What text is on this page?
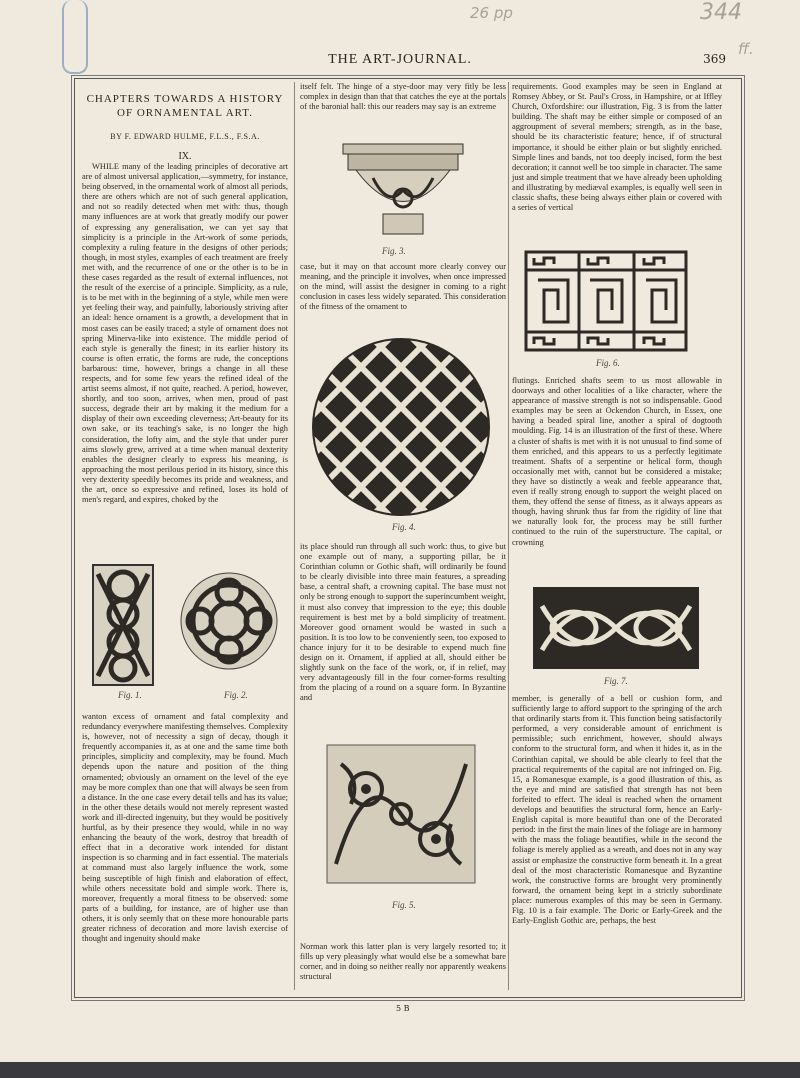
26 pp	344
ff.
THE ART-JOURNAL.	369
CHAPTERS TOWARDS A HISTORY OF ORNAMENTAL ART.
BY F. EDWARD HULME, F.L.S., F.S.A.
IX.

WHILE many of the leading principles of decorative art are of almost universal application,—symmetry, for instance, being observed, in the ornamental work of almost all periods, there are others which are not of such general application, and not so readily detected when met with: thus, though many influences are at work that greatly modify our power of expressing any generalisation, we can yet say that simplicity is a principle in the Art-work of some periods, complexity a ruling feature in the designs of other periods; though, in most styles, examples of each treatment are freely met with, and the recurrence of one or the other is to be in these cases regarded as the result of external influences, not the result of the exercise of a principle. Simplicity, as a rule, is to be met with in the beginning of a style, while men were yet feeling their way, and painfully, laboriously striving after an ideal: hence ornament is a growth, a development that in most cases can be easily traced; a style of ornament does not spring Minerva-like into existence. The middle period of each style is generally the finest; in its earlier history its course is often erratic, the forms are rude, the conceptions barbarous: time, however, brings a change in all these respects, and for some few years the refined ideal of the artist seems almost, if not quite, reached. A period, however, shortly, and too soon, arrives, when men, proud of past success, degrade their art by making it the medium for a display of their own exceeding cleverness; Art-beauty for its own sake, or its teaching's sake, is no longer the high consideration, the lofty aim, and the style that under purer aims slowly grew, arrived at a time when manual dexterity enables the designer clearly to express his meaning, is approaching the most perilous period in its history, since this very dexterity speedily becomes its pride and weakness, and the art, once so expressive and refined, loses its hold of men's regard, and expires, choked by the

Fig. 1.	Fig. 2.

wanton excess of ornament and fatal complexity and redundancy everywhere manifesting themselves. Complexity is, however, not of necessity a sign of decay, though it frequently accompanies it, as at one and the same time both principles, simplicity and complexity, may be found. Much depends upon the nature and position of the thing ornamented; obviously an ornament on the level of the eye may be more complex than one that will always be seen from a distance. In the one case every detail tells and has its value; in the other these details would not merely represent wasted work and ill-directed ingenuity, but they would be positively hurtful, as by their presence they would, while in no way enhancing the beauty of the work, destroy that breadth of effect that in a decorative work intended for distant inspection is so charming and in fact essential. The materials at command must also largely influence the work, some being susceptible of high finish and elaboration of effect, while others necessitate bold and simple work. There is, moreover, frequently a moral fitness to be observed: some parts of a building, for instance, are of higher use than others, it is only seemly that on these more honourable parts greater richness of decoration and more lavish exercise of thought and ingenuity should make

itself felt. The hinge of a stye-door may very fitly be less complex in design than that that catches the eye at the portals of the baronial hall: this our readers may say is an extreme

Fig. 3.

case, but it may on that account more clearly convey our meaning, and the principle it involves, when once impressed on the mind, will assist the designer in coming to a right conclusion in cases less widely separated. This consideration of the fitness of the ornament to

Fig. 4.

its place should run through all such work: thus, to give but one example out of many, a supporting pillar, be it Corinthian column or Gothic shaft, will ordinarily be found to be clearly divisible into three main features, a spreading base, a central shaft, a crowning capital. The base must not only be strong enough to support the superincumbent weight, it must also convey that impression to the eye; this double requirement is best met by a bold simplicity of treatment. Moreover good ornament would be wasted in such a position. It is too low to be conveniently seen, too exposed to chance injury for it to be desirable to expend much fine design on it. Ornament, if applied at all, should either be slightly sunk on the face of the work, or, if in relief, may very advantageously fill in the four corner-forms resulting from the placing of a round on a square form. In Byzantine and

Fig. 5.

Norman work this latter plan is very largely resorted to; it fills up very pleasingly what would else be a somewhat bare corner, and in doing so neither really nor apparently weakens structural

requirements. Good examples may be seen in England at Romsey Abbey, or St. Paul's Cross, in Hampshire, or at Iffley Church, Oxfordshire: our illustration, Fig. 3 is from the latter building. The shaft may be either simple or composed of an aggroupment of several members; strength, as in the base, should be its characteristic feature; hence, if of structural importance, it should be either plain or but slightly enriched. Simple lines and bands, not too deeply incised, form the best decoration; it cannot well be too simple in character. The same just and simple treatment that we have already been upholding and illustrating by mediæval examples, is equally well seen in classic shafts, these being always either plain or covered with a series of vertical

Fig. 6.

flutings. Enriched shafts seem to us most allowable in doorways and other localities of a like character, where the appearance of massive strength is not so indispensable. Good examples may be seen at Ockendon Church, in Essex, one having a beaded spiral line, another a spiral of dogtooth moulding. Fig. 14 is an illustration of the first of these. Where a cluster of shafts is met with it is not unusual to find some of them enriched, and this appears to us a perfectly legitimate treatment. Shafts of a serpentine or helical form, though occasionally met with, cannot but be considered a mistake; they have so distinctly a weak and feeble appearance that, even if really strong enough to support the weight placed on them, they offend the sense of fitness, as it always appears as though, having shrunk thus far from the rigidity of line that we naturally look for, the process may be still further continued to the ruin of the superstructure. The capital, or crowning

Fig. 7.

member, is generally of a bell or cushion form, and sufficiently large to afford support to the springing of the arch that ordinarily starts from it. This function being satisfactorily performed, a very considerable amount of enrichment is permissible; such enrichment, however, should always conform to the structural form, and when it hides it, as in the Corinthian capital, we should be able clearly to feel that the practical requirements of the capital are not infringed on. Fig. 15, a Romanesque example, is a good illustration of this, as the eye and mind are satisfied that strength has not been forfeited to effect. The ideal is reached when the ornament develops and beautifies the structural form, hence an Early-English capital is more beautiful than one of the Decorated period: in the first the main lines of the foliage are in harmony with the mass the foliage beautifies, while in the second the foliage is merely applied as a wreath, and does not in any way assist or emphasize the constructive form beneath it. In a great deal of the most characteristic Romanesque and Byzantine work, the constructive forms are brought very prominently forward, the ornament being kept in a strictly subordinate place: numerous examples of this may be seen in Germany. Fig. 10 is a fair example. The Doric or Early-Greek and the Early-English Gothic are, perhaps, the best

5 B
